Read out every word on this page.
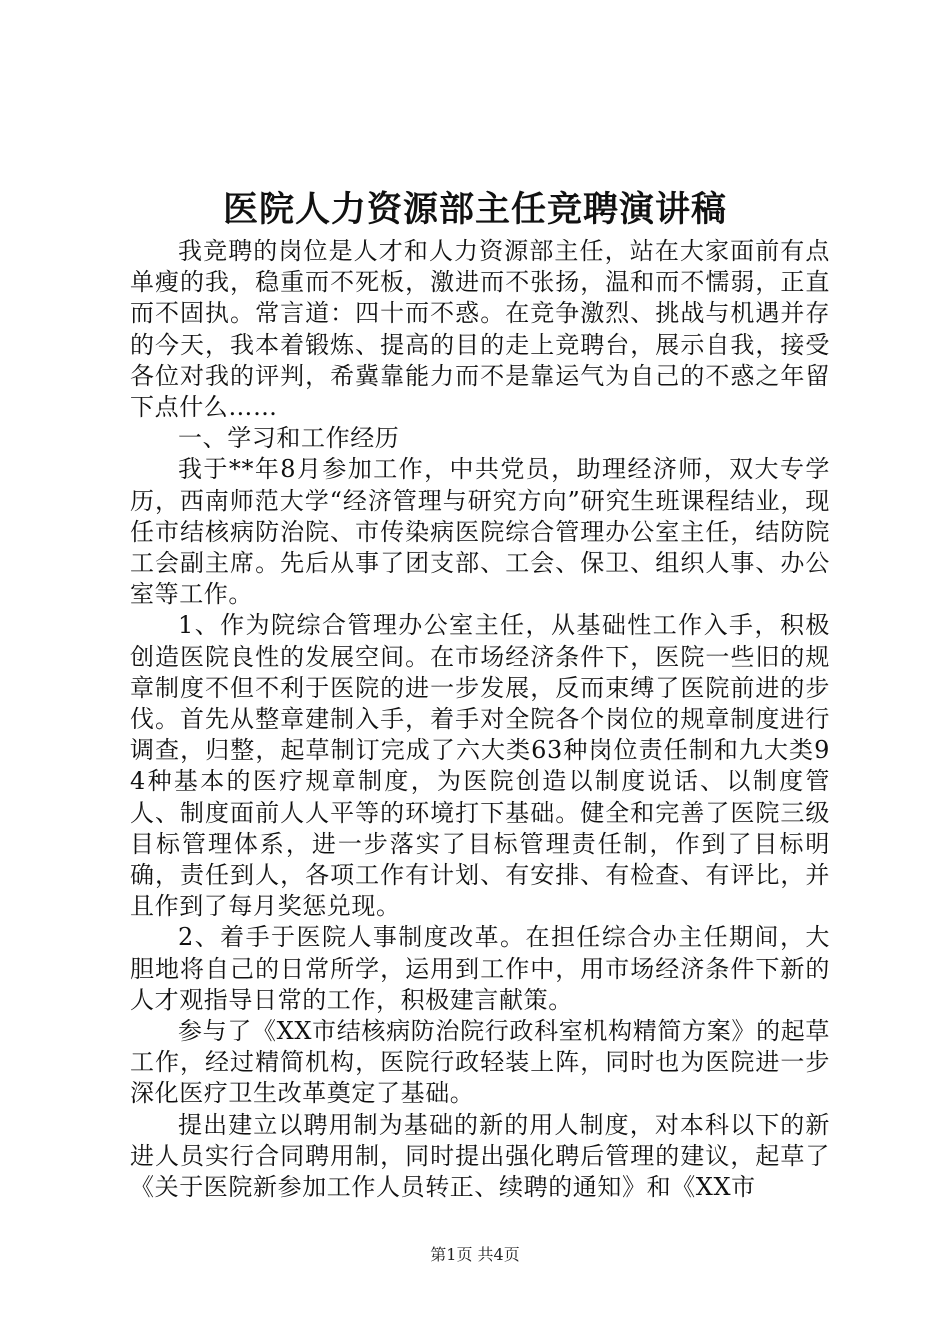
医院人力资源部主任竞聘演讲稿

我竞聘的岗位是人才和人力资源部主任，站在大家面前有点单瘦的我，稳重而不死板，激进而不张扬，温和而不懦弱，正直而不固执。常言道：四十而不惑。在竞争激烈、挑战与机遇并存的今天，我本着锻炼、提高的目的走上竞聘台，展示自我，接受各位对我的评判，希冀靠能力而不是靠运气为自己的不惑之年留下点什么……

一、学习和工作经历

我于**年8月参加工作，中共党员，助理经济师，双大专学历，西南师范大学“经济管理与研究方向”研究生班课程结业，现任市结核病防治院、市传染病医院综合管理办公室主任，结防院工会副主席。先后从事了团支部、工会、保卫、组织人事、办公室等工作。

1、作为院综合管理办公室主任，从基础性工作入手，积极创造医院良性的发展空间。在市场经济条件下，医院一些旧的规章制度不但不利于医院的进一步发展，反而束缚了医院前进的步伐。首先从整章建制入手，着手对全院各个岗位的规章制度进行调查，归整，起草制订完成了六大类63种岗位责任制和九大类94种基本的医疗规章制度，为医院创造以制度说话、以制度管人、制度面前人人平等的环境打下基础。健全和完善了医院三级目标管理体系，进一步落实了目标管理责任制，作到了目标明确，责任到人，各项工作有计划、有安排、有检查、有评比，并且作到了每月奖惩兑现。

2、着手于医院人事制度改革。在担任综合办主任期间，大胆地将自己的日常所学，运用到工作中，用市场经济条件下新的人才观指导日常的工作，积极建言献策。

参与了《XX市结核病防治院行政科室机构精简方案》的起草工作，经过精简机构，医院行政轻装上阵，同时也为医院进一步深化医疗卫生改革奠定了基础。

提出建立以聘用制为基础的新的用人制度，对本科以下的新进人员实行合同聘用制，同时提出强化聘后管理的建议，起草了《关于医院新参加工作人员转正、续聘的通知》和《XX市

第1页 共4页
